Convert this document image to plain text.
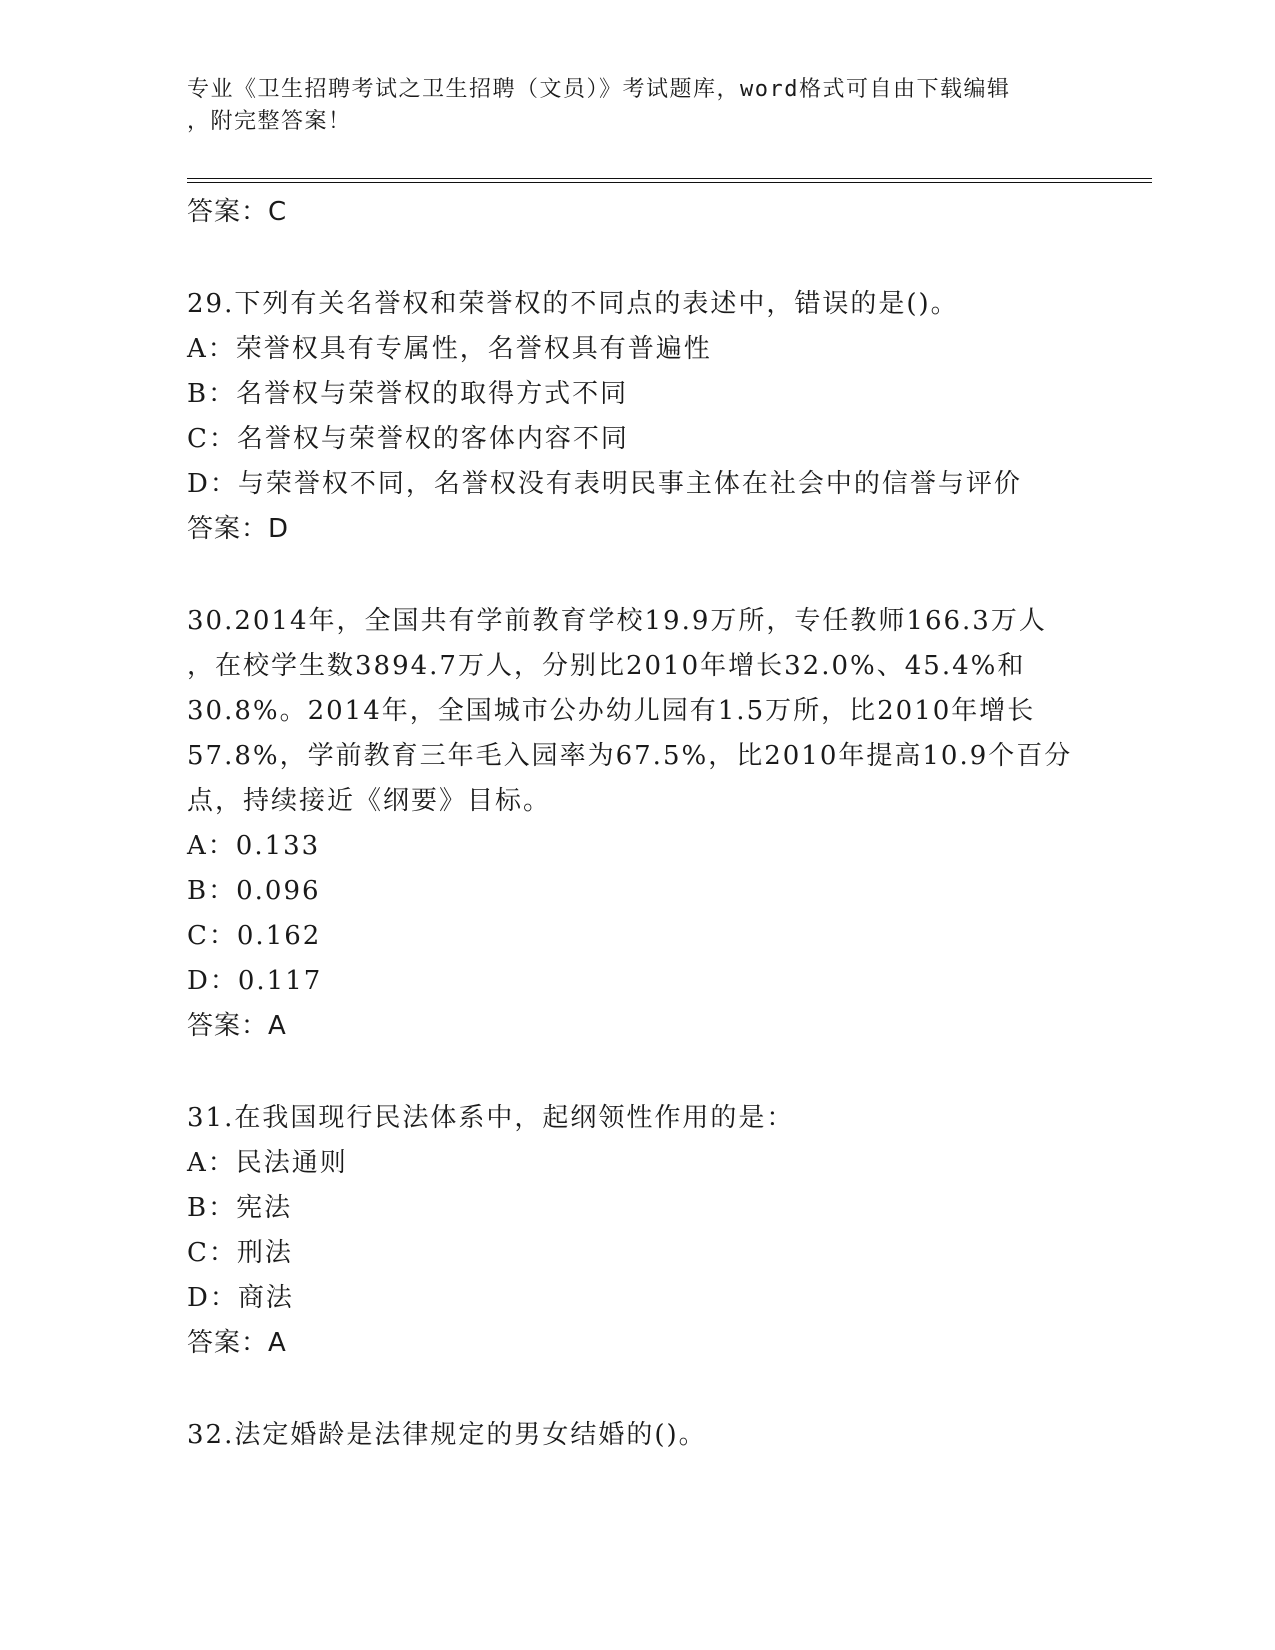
专业《卫生招聘考试之卫生招聘（文员）》考试题库，word格式可自由下载编辑
，附完整答案！
答案：C
29.下列有关名誉权和荣誉权的不同点的表述中，错误的是()。
A：荣誉权具有专属性，名誉权具有普遍性
B：名誉权与荣誉权的取得方式不同
C：名誉权与荣誉权的客体内容不同
D：与荣誉权不同，名誉权没有表明民事主体在社会中的信誉与评价
答案：D
30.2014年，全国共有学前教育学校19.9万所，专任教师166.3万人
，在校学生数3894.7万人，分别比2010年增长32.0%、45.4%和
30.8%。2014年，全国城市公办幼儿园有1.5万所，比2010年增长
57.8%，学前教育三年毛入园率为67.5%，比2010年提高10.9个百分
点，持续接近《纲要》目标。
A：0.133
B：0.096
C：0.162
D：0.117
答案：A
31.在我国现行民法体系中，起纲领性作用的是：
A：民法通则
B：宪法
C：刑法
D：商法
答案：A
32.法定婚龄是法律规定的男女结婚的()。
